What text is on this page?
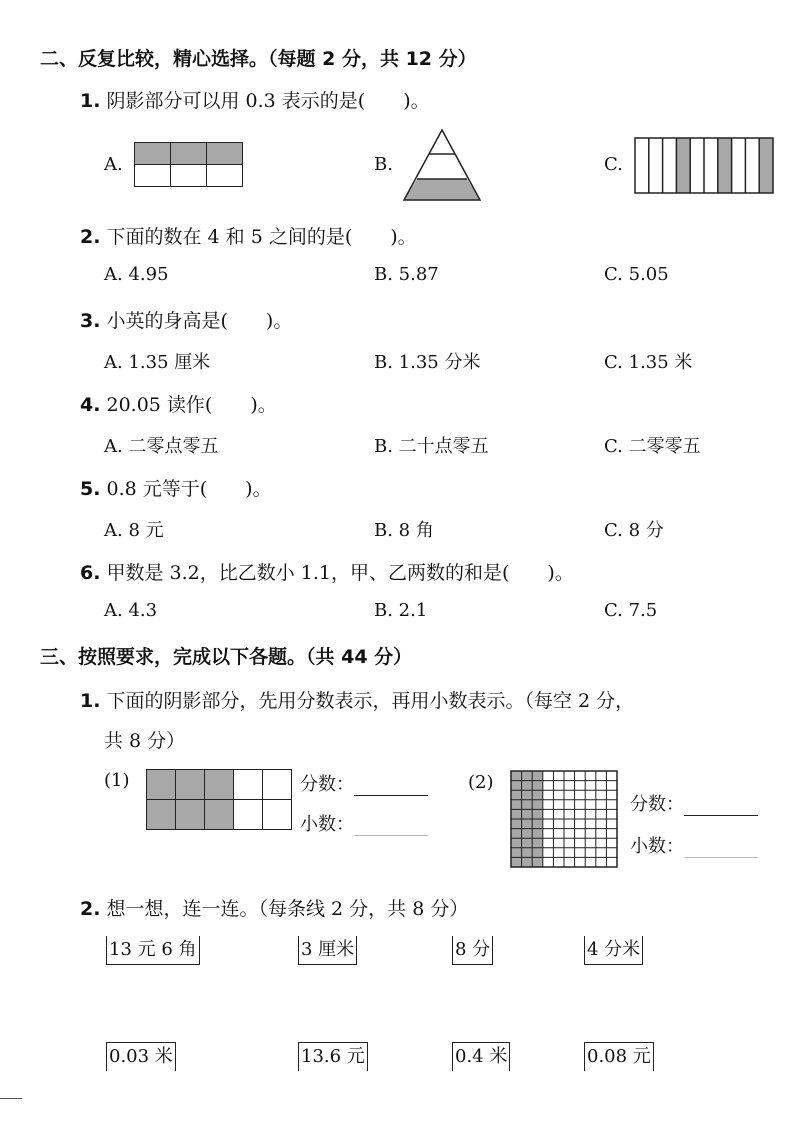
二、反复比较，精心选择。（每题 2 分，共 12 分）
1. 阴影部分可以用 0.3 表示的是(　　)。
A.

			B.	C.
2. 下面的数在 4 和 5 之间的是(　　)。
A. 4.95	B. 5.87	C. 5.05
3. 小英的身高是(　　)。
A. 1.35 厘米	B. 1.35 分米	C. 1.35 米
4. 20.05 读作(　　)。
A. 二零点零五	B. 二十点零五	C. 二零零五
5. 0.8 元等于(　　)。
A. 8 元	B. 8 角	C. 8 分
6. 甲数是 3.2，比乙数小 1.1，甲、乙两数的和是(　　)。
A. 4.3	B. 2.1	C. 7.5
三、按照要求，完成以下各题。（共 44 分）
1. 下面的阴影部分，先用分数表示，再用小数表示。（每空 2 分，
共 8 分）
(1)

					分数：
小数：
(2)
分数：
小数：
2. 想一想，连一连。（每条线 2 分，共 8 分）
13 元 6 角	3 厘米	8 分	4 分米
0.03 米	13.6 元	0.4 米	0.08 元
